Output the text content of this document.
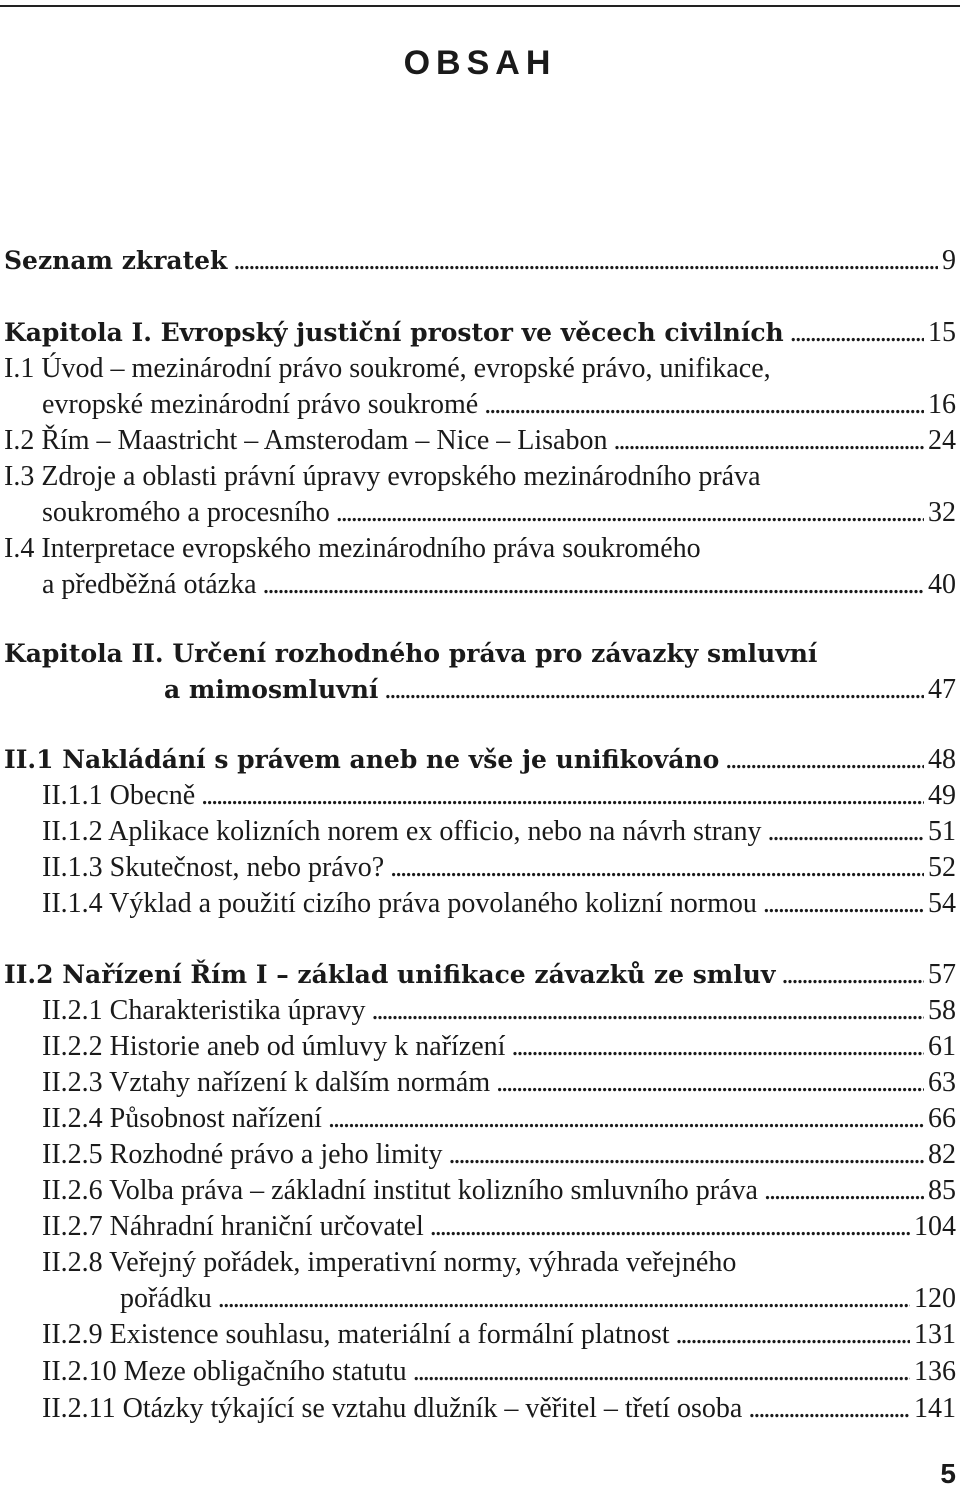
OBSAH
Seznam zkratek . . .	9
Kapitola I. Evropský justiční prostor ve věcech civilních . . .	15
I.1 Úvod – mezinárodní právo soukromé, evropské právo, unifikace,
evropské mezinárodní právo soukromé . . .	16
I.2 Řím – Maastricht – Amsterodam – Nice – Lisabon . . .	24
I.3 Zdroje a oblasti právní úpravy evropského mezinárodního práva
soukromého a procesního . . .	32
I.4 Interpretace evropského mezinárodního práva soukromého
a předběžná otázka . . .	40
Kapitola II. Určení rozhodného práva pro závazky smluvní
a mimosmluvní . . .	47
II.1 Nakládání s právem aneb ne vše je unifikováno . . .	48
II.1.1 Obecně . . .	49
II.1.2 Aplikace kolizních norem ex officio, nebo na návrh strany . . .	51
II.1.3 Skutečnost, nebo právo? . . .	52
II.1.4 Výklad a použití cizího práva povolaného kolizní normou . . .	54
II.2 Nařízení Řím I – základ unifikace závazků ze smluv . . .	57
II.2.1 Charakteristika úpravy . . .	58
II.2.2 Historie aneb od úmluvy k nařízení . . .	61
II.2.3 Vztahy nařízení k dalším normám . . .	63
II.2.4 Působnost nařízení . . .	66
II.2.5 Rozhodné právo a jeho limity . . .	82
II.2.6 Volba práva – základní institut kolizního smluvního práva . . .	85
II.2.7 Náhradní hraniční určovatel . . .	104
II.2.8 Veřejný pořádek, imperativní normy, výhrada veřejného
pořádku . . .	120
II.2.9 Existence souhlasu, materiální a formální platnost . . .	131
II.2.10 Meze obligačního statutu . . .	136
II.2.11 Otázky týkající se vztahu dlužník – věřitel – třetí osoba . . .	141
5
